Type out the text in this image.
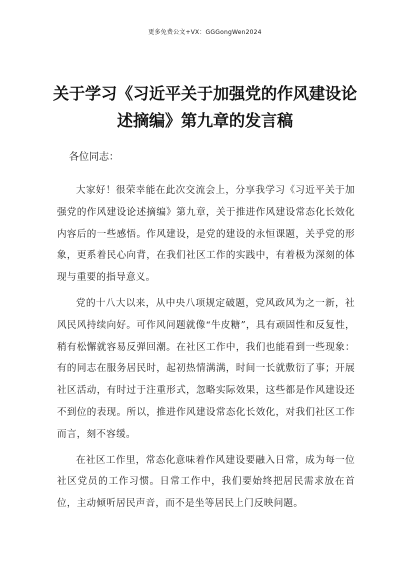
更多免费公文+VX：GGGongWen2024
关于学习《习近平关于加强党的作风建设论述摘编》第九章的发言稿

各位同志：

大家好！很荣幸能在此次交流会上，分享我学习《习近平关于加强党的作风建设论述摘编》第九章，关于推进作风建设常态化长效化内容后的一些感悟。作风建设，是党的建设的永恒课题，关乎党的形象，更系着民心向背，在我们社区工作的实践中，有着极为深刻的体现与重要的指导意义。

党的十八大以来，从中央八项规定破题，党风政风为之一新，社风民风持续向好。可作风问题就像“牛皮糖”，具有顽固性和反复性，稍有松懈就容易反弹回潮。在社区工作中，我们也能看到一些现象：有的同志在服务居民时，起初热情满满，时间一长就敷衍了事；开展社区活动，有时过于注重形式，忽略实际效果，这些都是作风建设还不到位的表现。所以，推进作风建设常态化长效化，对我们社区工作而言，刻不容缓。

在社区工作里，常态化意味着作风建设要融入日常，成为每一位社区党员的工作习惯。日常工作中，我们要始终把居民需求放在首位，主动倾听居民声音，而不是坐等居民上门反映问题。
